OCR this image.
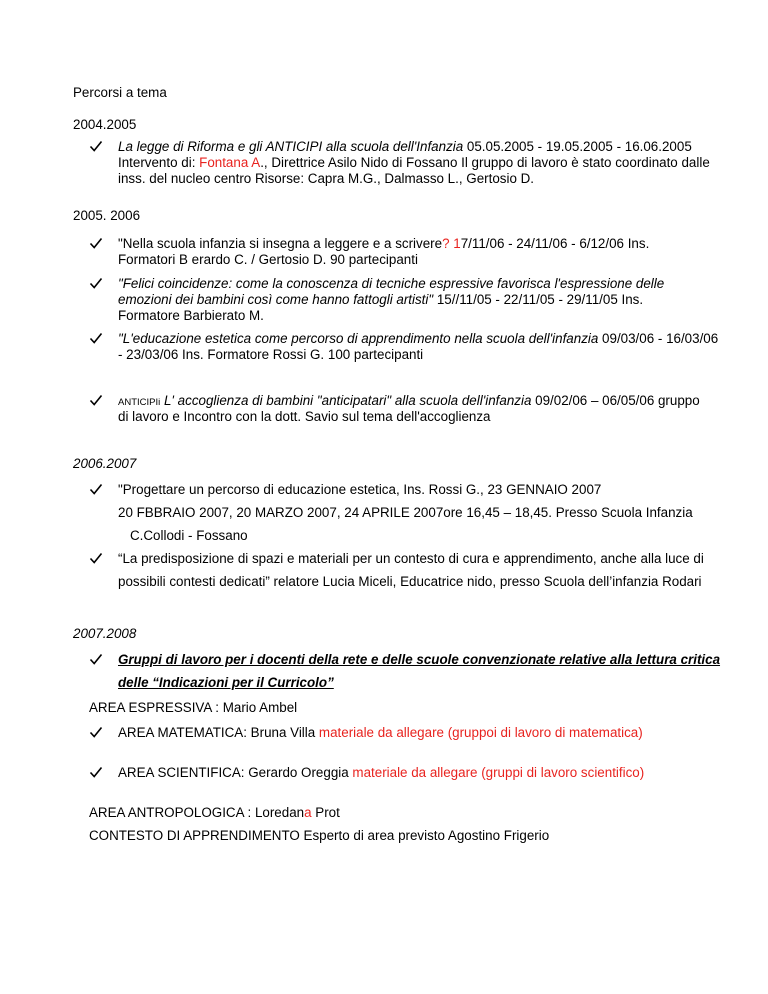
Percorsi a tema
2004.2005
La legge di Riforma e gli ANTICIPI alla scuola dell'Infanzia 05.05.2005 - 19.05.2005 - 16.06.2005
Intervento di: Fontana A., Direttrice Asilo Nido di Fossano Il gruppo di lavoro è stato coordinato dalle
inss. del nucleo centro Risorse: Capra M.G., Dalmasso L., Gertosio D.
2005. 2006
"Nella scuola infanzia si insegna a leggere e a scrivere? 17/11/06 - 24/11/06 - 6/12/06 Ins.
Formatori B erardo C. / Gertosio D. 90 partecipanti
"Felici coincidenze: come la conoscenza di tecniche espressive favorisca l'espressione delle
emozioni dei bambini così come hanno fattogli artisti" 15//11/05 - 22/11/05 - 29/11/05 Ins.
Formatore Barbierato M.
"L'educazione estetica come percorso di apprendimento nella scuola dell'infanzia 09/03/06 - 16/03/06
- 23/03/06 Ins. Formatore Rossi G. 100 partecipanti
ANTICIPIi L' accoglienza di bambini "anticipatari" alla scuola dell'infanzia 09/02/06 – 06/05/06 gruppo
di lavoro e Incontro con la dott. Savio sul tema dell'accoglienza
2006.2007
"Progettare un percorso di educazione estetica, Ins. Rossi G., 23 GENNAIO 2007
20 FBBRAIO 2007, 20 MARZO 2007, 24 APRILE 2007ore 16,45 – 18,45. Presso Scuola Infanzia
C.Collodi - Fossano
“La predisposizione di spazi e materiali per un contesto di cura e apprendimento, anche alla luce di
possibili contesti dedicati” relatore Lucia Miceli, Educatrice nido, presso Scuola dell’infanzia Rodari
2007.2008
Gruppi di lavoro per i docenti della rete e delle scuole convenzionate relative alla lettura critica
delle “Indicazioni per il Curricolo”
AREA ESPRESSIVA : Mario Ambel
AREA MATEMATICA: Bruna Villa materiale da allegare (gruppoi di lavoro di matematica)
AREA SCIENTIFICA: Gerardo Oreggia materiale da allegare (gruppi di lavoro scientifico)
AREA ANTROPOLOGICA : Loredana Prot
CONTESTO DI APPRENDIMENTO Esperto di area previsto Agostino Frigerio
